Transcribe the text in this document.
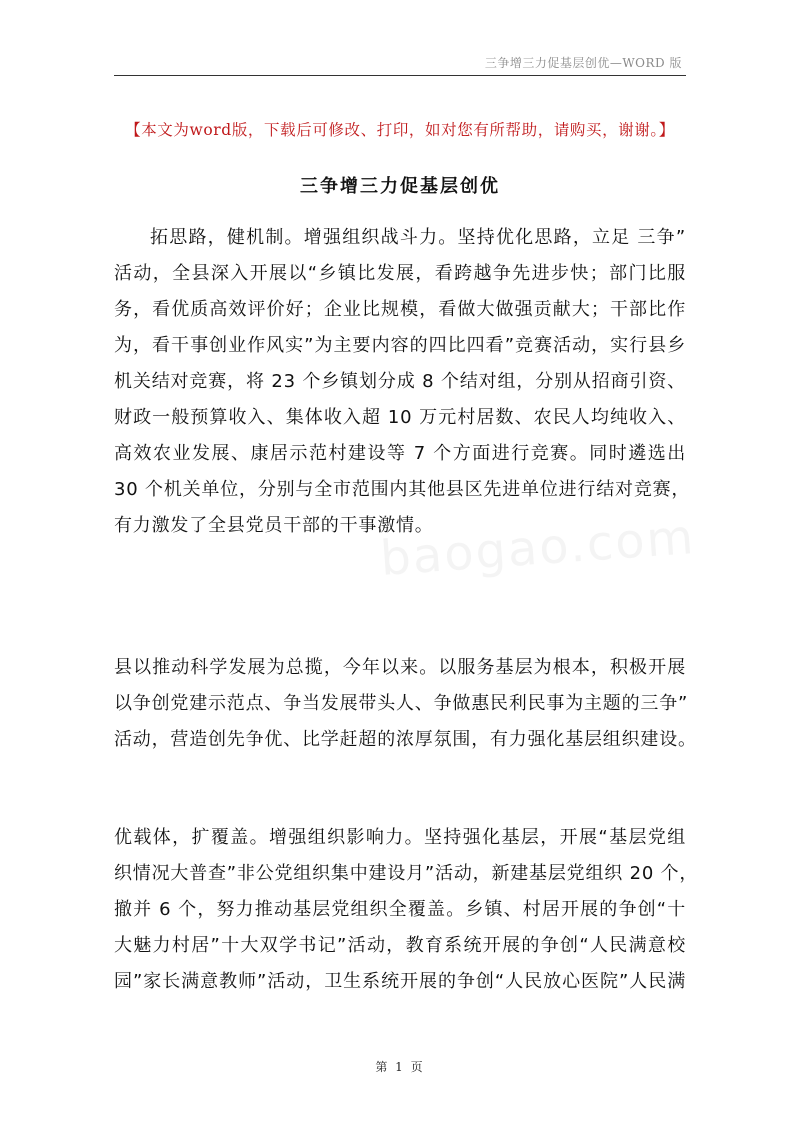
三争增三力促基层创优—WORD 版
【本文为word版，下载后可修改、打印，如对您有所帮助，请购买，谢谢。】
三争增三力促基层创优
拓思路，健机制。增强组织战斗力。坚持优化思路，立足 三争”
活动，全县深入开展以“乡镇比发展，看跨越争先进步快；部门比服
务，看优质高效评价好；企业比规模，看做大做强贡献大；干部比作
为，看干事创业作风实”为主要内容的四比四看”竞赛活动，实行县乡
机关结对竞赛，将 23 个乡镇划分成 8 个结对组，分别从招商引资、
财政一般预算收入、集体收入超 10 万元村居数、农民人均纯收入、
高效农业发展、康居示范村建设等 7 个方面进行竞赛。同时遴选出
30 个机关单位，分别与全市范围内其他县区先进单位进行结对竞赛，
有力激发了全县党员干部的干事激情。
县以推动科学发展为总揽，今年以来。以服务基层为根本，积极开展
以争创党建示范点、争当发展带头人、争做惠民利民事为主题的三争”
活动，营造创先争优、比学赶超的浓厚氛围，有力强化基层组织建设。
优载体，扩覆盖。增强组织影响力。坚持强化基层，开展“基层党组
织情况大普查”非公党组织集中建设月”活动，新建基层党组织 20 个，
撤并 6 个，努力推动基层党组织全覆盖。乡镇、村居开展的争创“十
大魅力村居”十大双学书记”活动，教育系统开展的争创“人民满意校
园”家长满意教师”活动，卫生系统开展的争创“人民放心医院”人民满
第 1 页
